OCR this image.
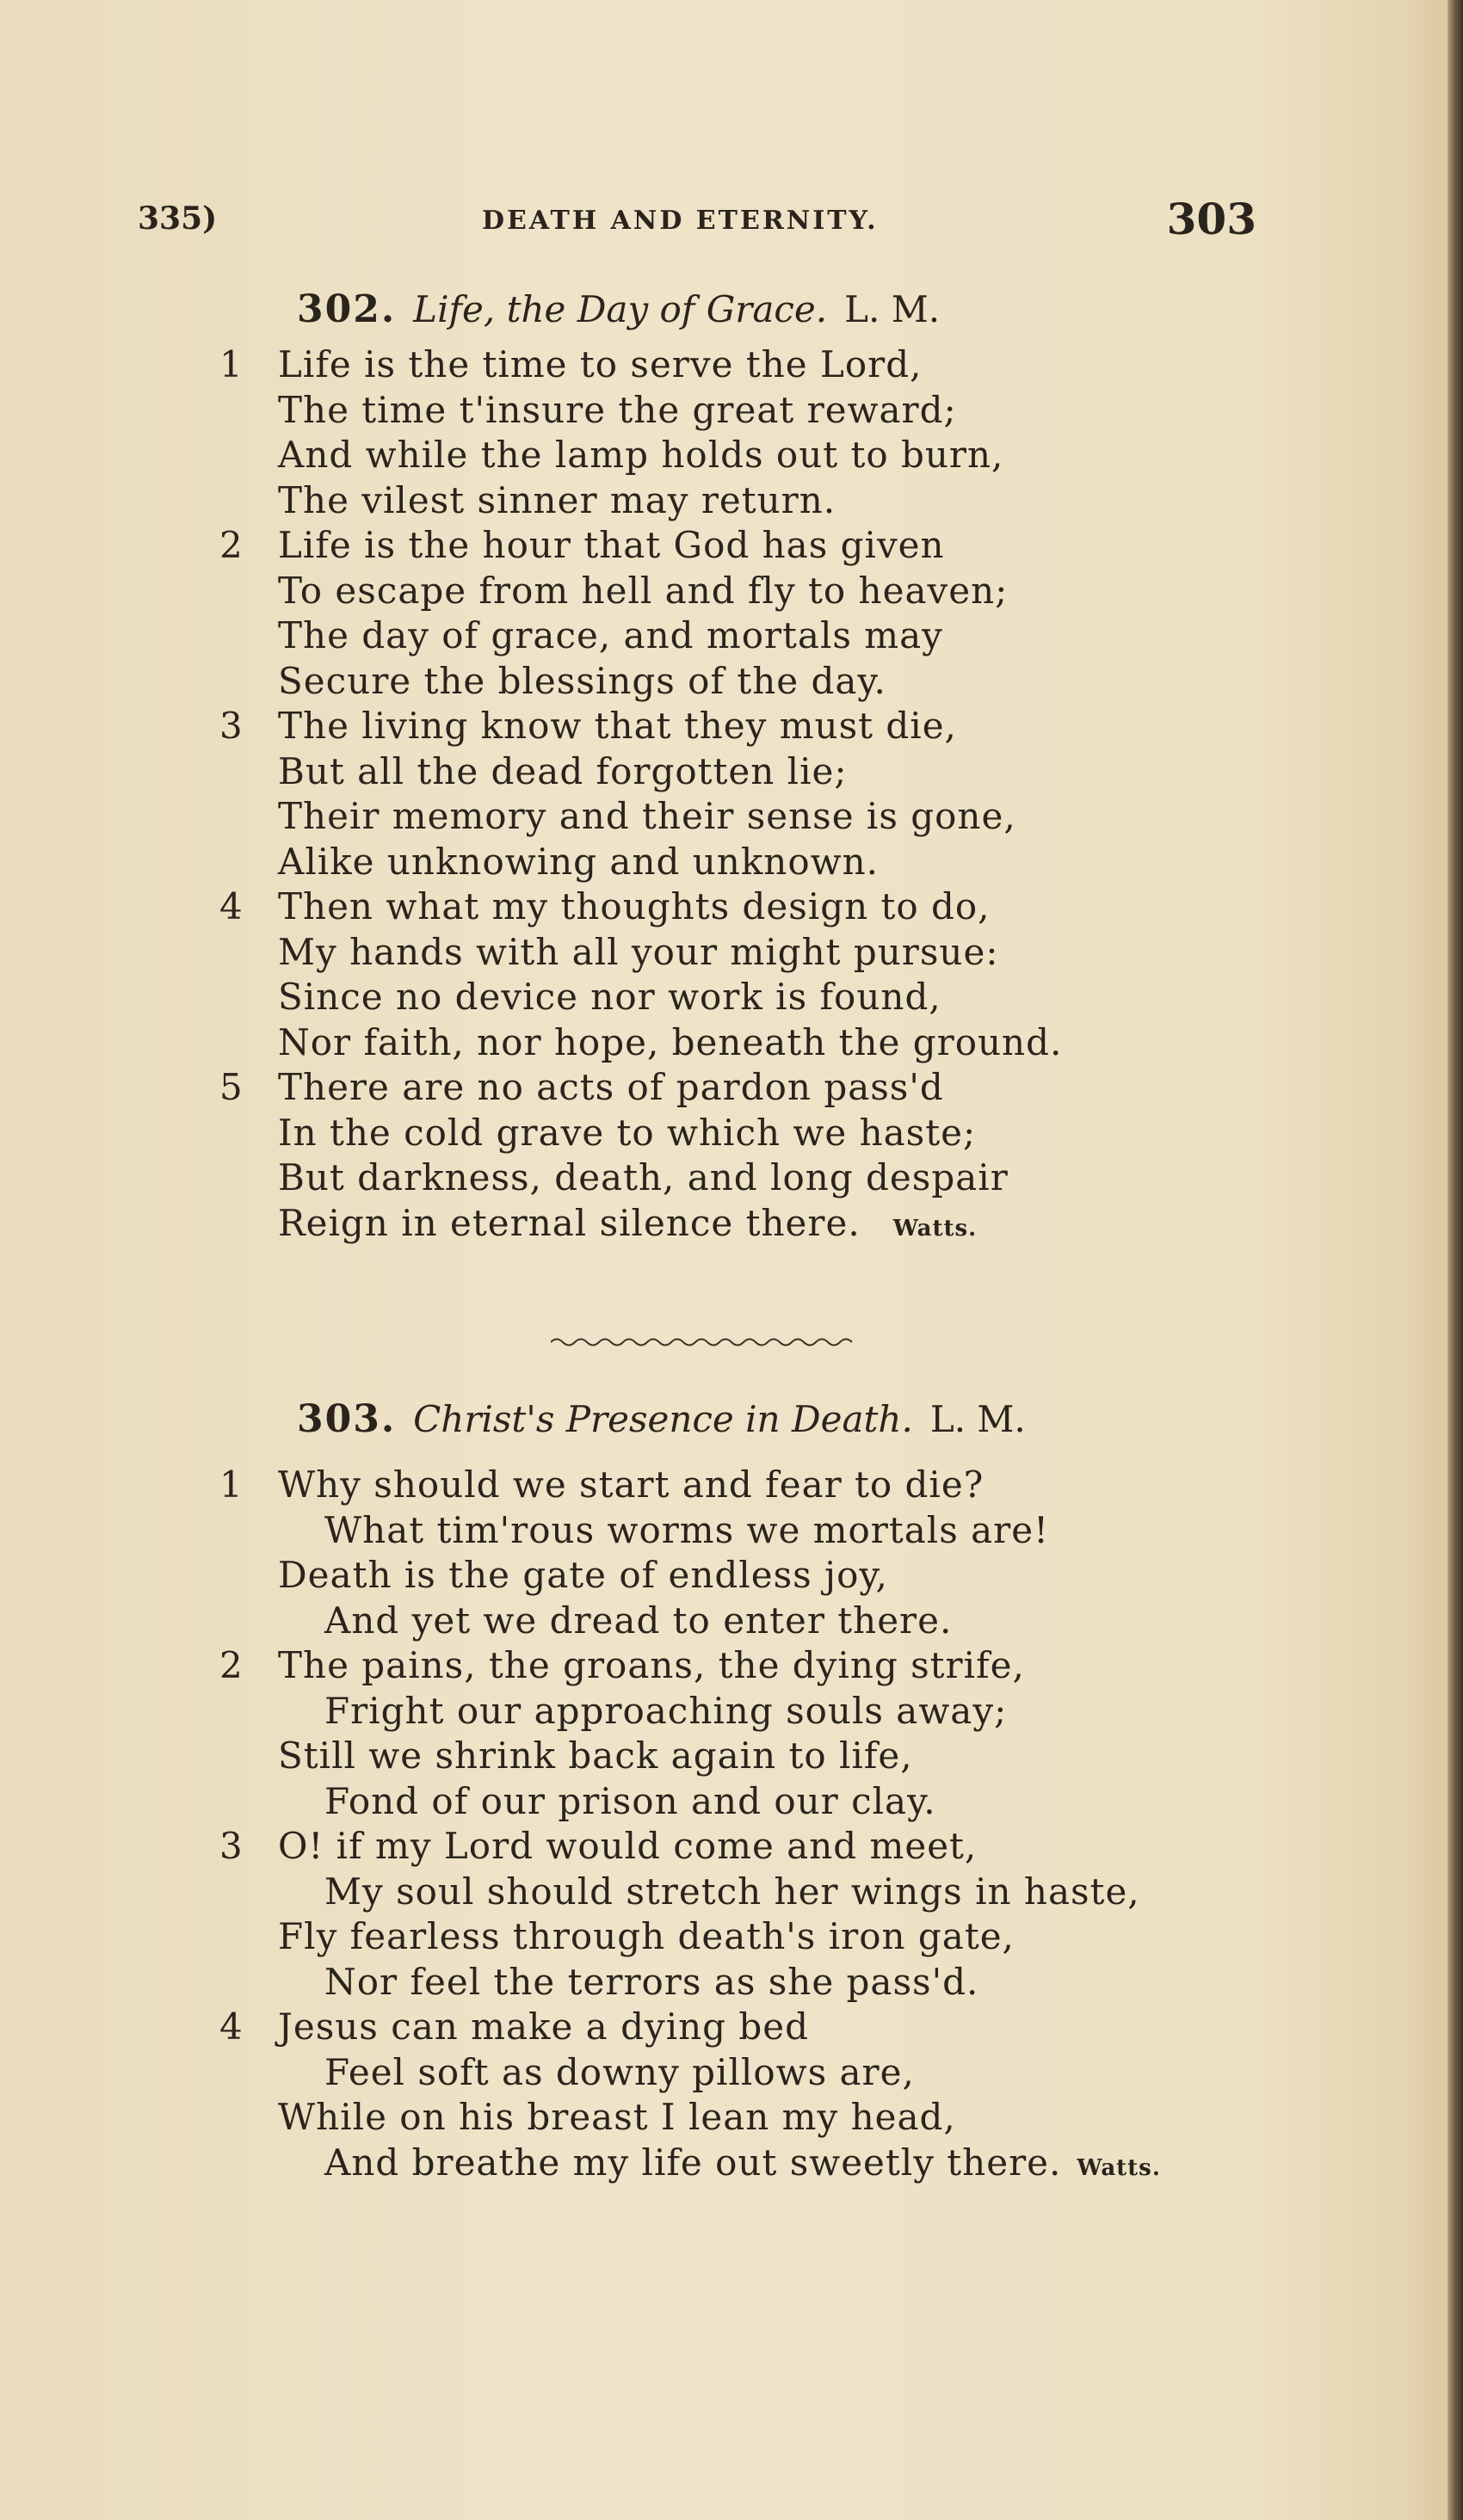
335)	DEATH AND ETERNITY.	303
302. Life, the Day of Grace. L. M.
1 Life is the time to serve the Lord,
The time t'insure the great reward;
And while the lamp holds out to burn,
The vilest sinner may return.
2 Life is the hour that God has given
To escape from hell and fly to heaven;
The day of grace, and mortals may
Secure the blessings of the day.
3 The living know that they must die,
But all the dead forgotten lie;
Their memory and their sense is gone,
Alike unknowing and unknown.
4 Then what my thoughts design to do,
My hands with all your might pursue:
Since no device nor work is found,
Nor faith, nor hope, beneath the ground.
5 There are no acts of pardon pass'd
In the cold grave to which we haste;
But darkness, death, and long despair
Reign in eternal silence there. Watts.
303. Christ's Presence in Death. L. M.
1 Why should we start and fear to die?
What tim'rous worms we mortals are!
Death is the gate of endless joy,
And yet we dread to enter there.
2 The pains, the groans, the dying strife,
Fright our approaching souls away;
Still we shrink back again to life,
Fond of our prison and our clay.
3 O! if my Lord would come and meet,
My soul should stretch her wings in haste,
Fly fearless through death's iron gate,
Nor feel the terrors as she pass'd.
4 Jesus can make a dying bed
Feel soft as downy pillows are,
While on his breast I lean my head,
And breathe my life out sweetly there. Watts.
